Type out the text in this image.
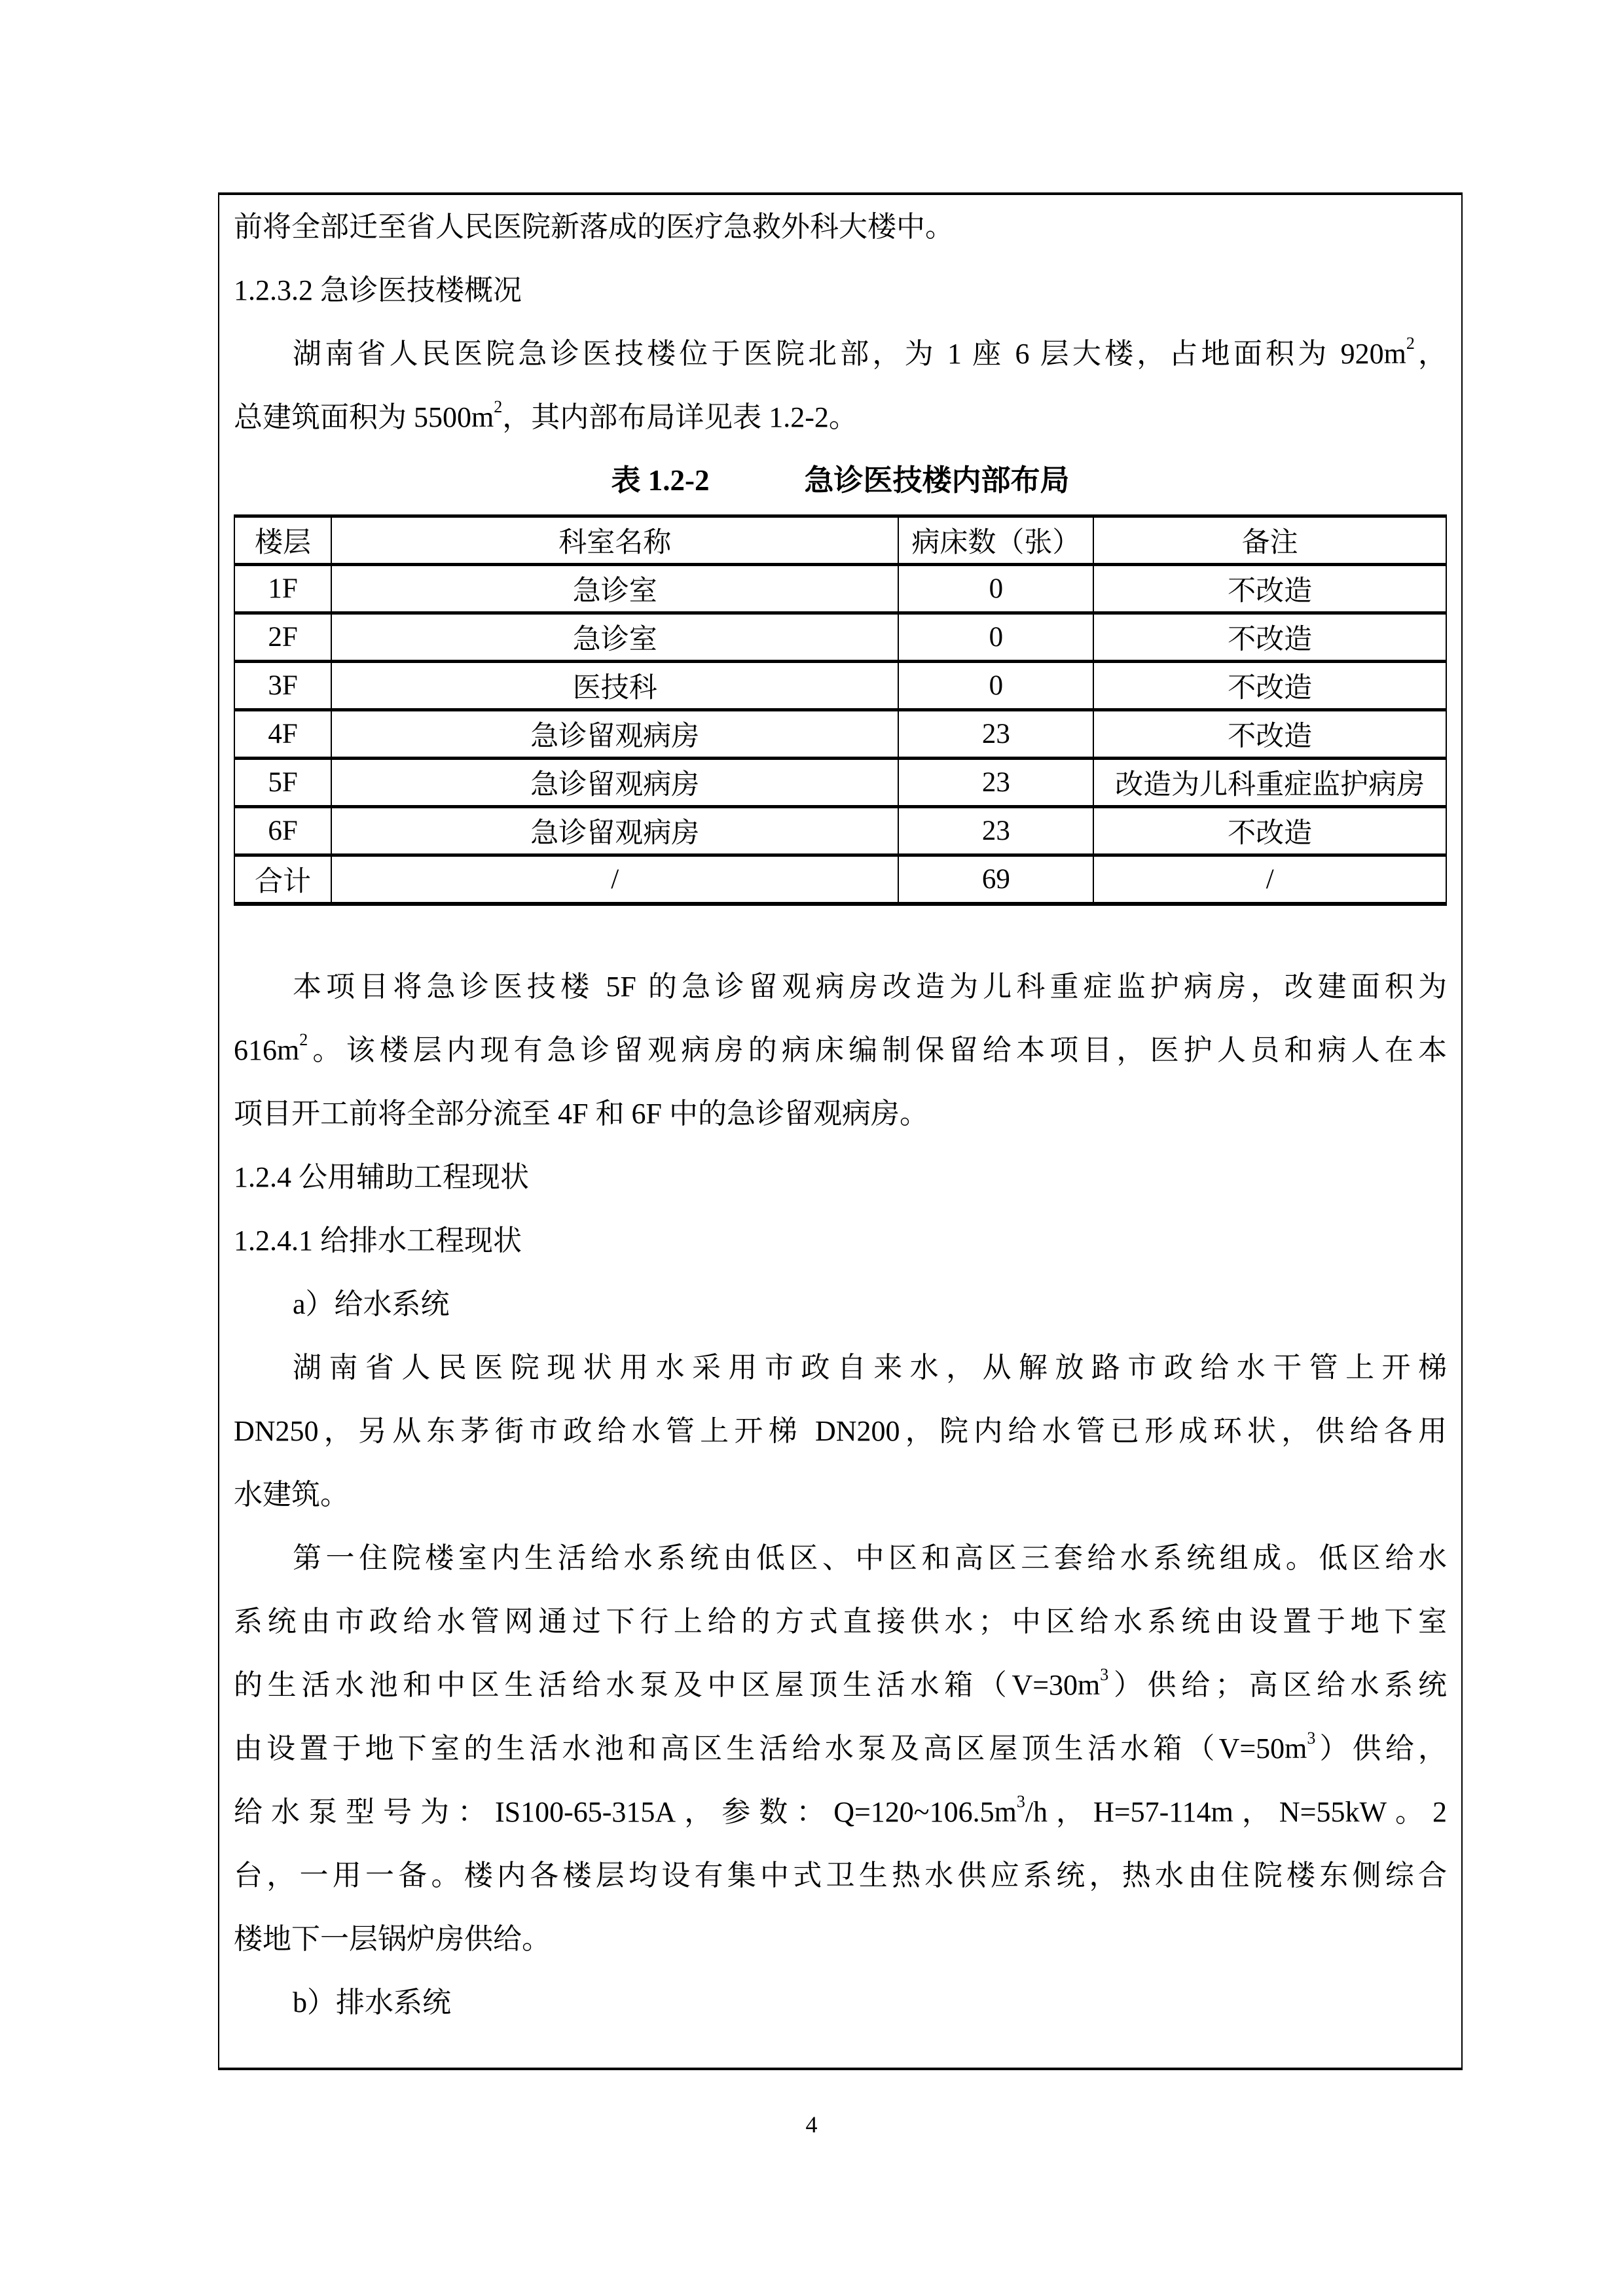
前将全部迁至省人民医院新落成的医疗急救外科大楼中。
1.2.3.2 急诊医技楼概况
湖南省人民医院急诊医技楼位于医院北部，为 1 座 6 层大楼，占地面积为 $920m^2$，
总建筑面积为 $5500m^2$，其内部布局详见表 1.2-2。
表 1.2-2	急诊医技楼内部布局
楼层	科室名称	病床数（张）	备注
1F	急诊室	0	不改造
2F	急诊室	0	不改造
3F	医技科	0	不改造
4F	急诊留观病房	23	不改造
5F	急诊留观病房	23	改造为儿科重症监护病房
6F	急诊留观病房	23	不改造
合计	/	69	/
本项目将急诊医技楼 5F 的急诊留观病房改造为儿科重症监护病房，改建面积为
$616m^2$。该楼层内现有急诊留观病房的病床编制保留给本项目，医护人员和病人在本
项目开工前将全部分流至 4F 和 6F 中的急诊留观病房。
1.2.4 公用辅助工程现状
1.2.4.1 给排水工程现状
a）给水系统
湖南省人民医院现状用水采用市政自来水，从解放路市政给水干管上开梯
DN250，另从东茅街市政给水管上开梯 DN200，院内给水管已形成环状，供给各用
水建筑。
第一住院楼室内生活给水系统由低区、中区和高区三套给水系统组成。低区给水
系统由市政给水管网通过下行上给的方式直接供水；中区给水系统由设置于地下室
的生活水池和中区生活给水泵及中区屋顶生活水箱$(V=30m^3)$供给；高区给水系统
由设置于地下室的生活水池和高区生活给水泵及高区屋顶生活水箱$(V=50m^3)$供给，
给水泵型号为：IS100-65-315A，参数：$Q=120\sim 106.5m^3/h$，H=57-114m，N=55kW。2
台，一用一备。楼内各楼层均设有集中式卫生热水供应系统，热水由住院楼东侧综合
楼地下一层锅炉房供给。
b）排水系统
4
